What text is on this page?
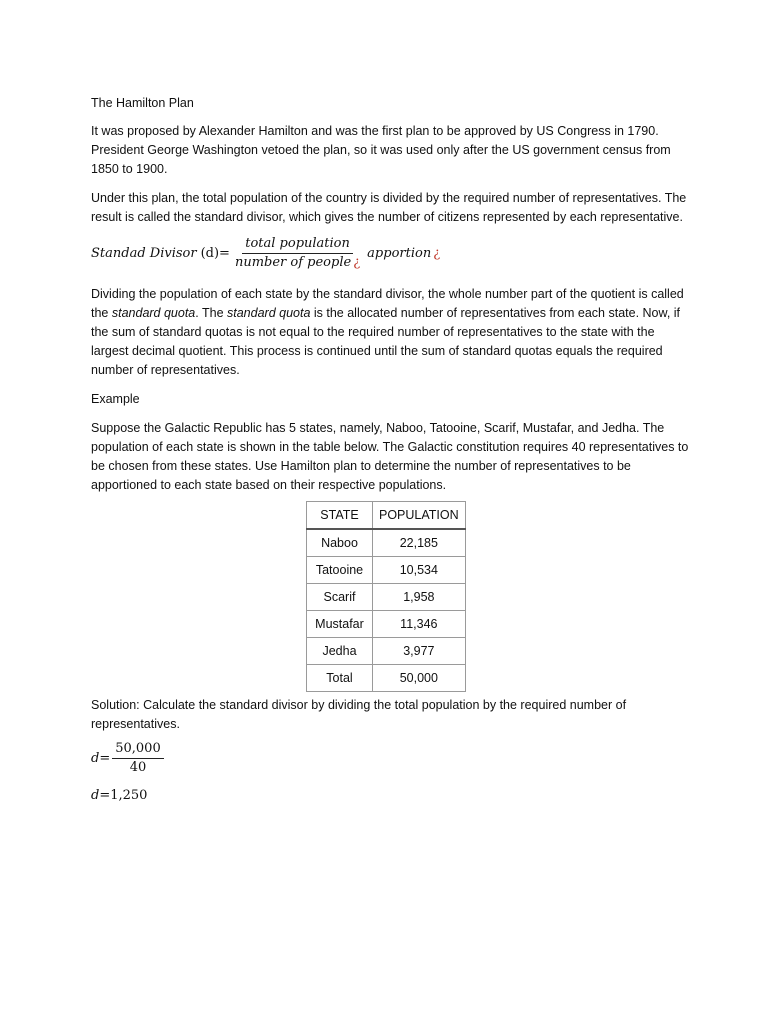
The Hamilton Plan

It was proposed by Alexander Hamilton and was the first plan to be approved by US Congress in 1790. President George Washington vetoed the plan, so it was used only after the US government census from 1850 to 1900.

Under this plan, the total population of the country is divided by the required number of representatives. The result is called the standard divisor, which gives the number of citizens represented by each representative.

Standad Divisor $(d) = \frac{\text{total population}}{\text{number of people ¿}}$ apportion ¿

Dividing the population of each state by the standard divisor, the whole number part of the quotient is called the standard quota. The standard quota is the allocated number of representatives from each state. Now, if the sum of standard quotas is not equal to the required number of representatives to the state with the largest decimal quotient. This process is continued until the sum of standard quotas equals the required number of representatives.

Example

Suppose the Galactic Republic has 5 states, namely, Naboo, Tatooine, Scarif, Mustafar, and Jedha. The population of each state is shown in the table below. The Galactic constitution requires 40 representatives to be chosen from these states. Use Hamilton plan to determine the number of representatives to be apportioned to each state based on their respective populations.

STATE	POPULATION
Naboo	22,185
Tatooine	10,534
Scarif	1,958
Mustafar	11,346
Jedha	3,977
Total	50,000

Solution: Calculate the standard divisor by dividing the total population by the required number of representatives.

$d = \frac{50,000}{40}$
d = 1,250
